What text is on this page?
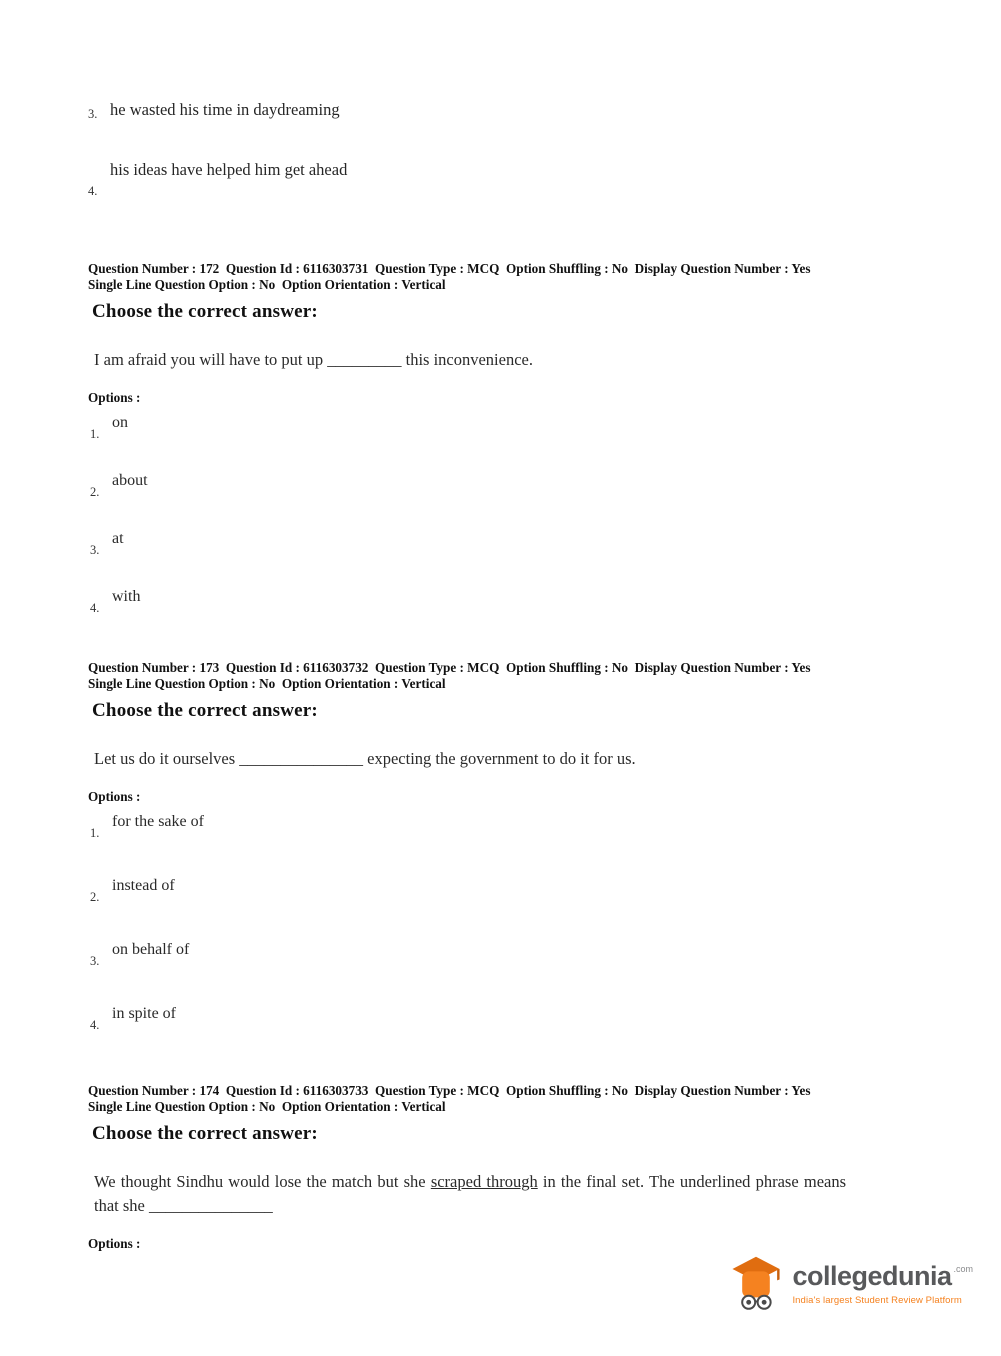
3. he wasted his time in daydreaming
4.
his ideas have helped him get ahead
Question Number : 172  Question Id : 6116303731  Question Type : MCQ  Option Shuffling : No  Display Question Number : Yes
Single Line Question Option : No  Option Orientation : Vertical
Choose the correct answer:
I am afraid you will have to put up _________ this inconvenience.
Options :
1.
on
2.
about
3.
at
4.
with
Question Number : 173  Question Id : 6116303732  Question Type : MCQ  Option Shuffling : No  Display Question Number : Yes
Single Line Question Option : No  Option Orientation : Vertical
Choose the correct answer:
Let us do it ourselves _______________ expecting the government to do it for us.
Options :
1.
for the sake of
2.
instead of
3.
on behalf of
4.
in spite of
Question Number : 174  Question Id : 6116303733  Question Type : MCQ  Option Shuffling : No  Display Question Number : Yes
Single Line Question Option : No  Option Orientation : Vertical
Choose the correct answer:
We thought Sindhu would lose the match but she scraped through in the final set. The underlined phrase means that she _______________
Options :
collegedunia .com
India's largest Student Review Platform
